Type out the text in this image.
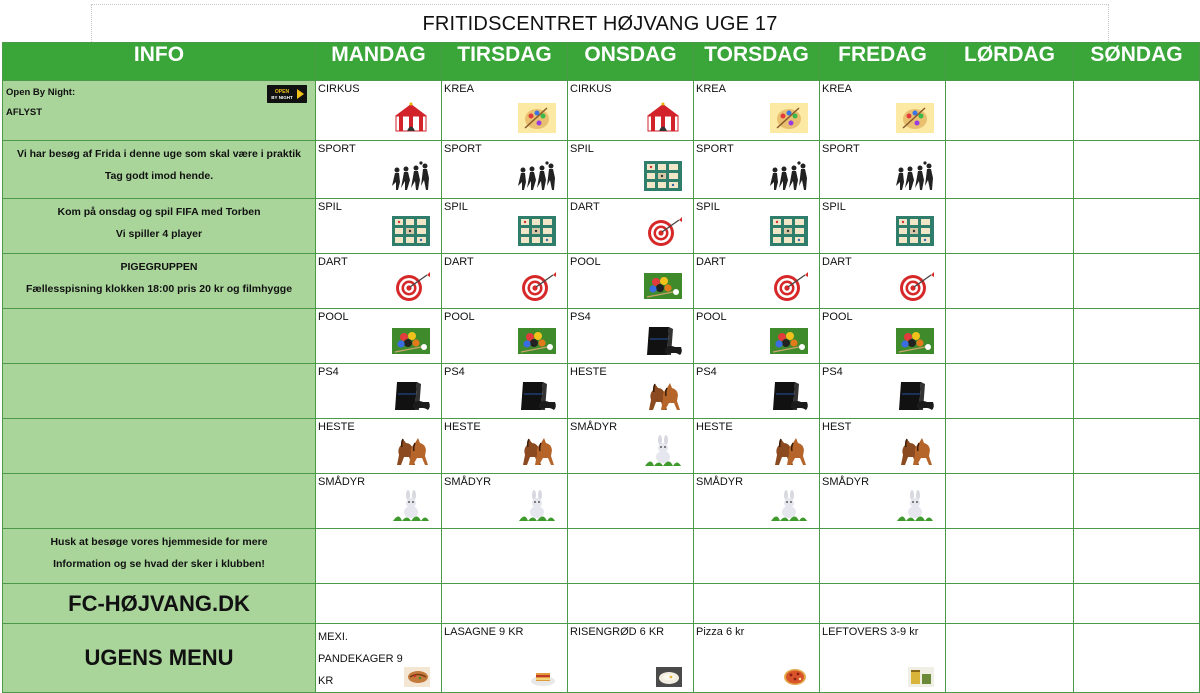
FRITIDSCENTRET HØJVANG UGE 17
INFO	MANDAG	TIRSDAG	ONSDAG	TORSDAG	FREDAG	LØRDAG	SØNDAG

Open By Night:
AFLYST
OPEN
BY NIGHT	CIRKUS	KREA	CIRKUS	KREA	KREA		

Vi har besøg af Frida i denne uge som skal være i praktik
Tag godt imod hende.	SPORT	SPORT	SPIL	SPORT	SPORT		

Kom på onsdag og spil FIFA med Torben
Vi spiller 4 player	SPIL	SPIL	DART	SPIL	SPIL		

PIGEGRUPPEN
Fællesspisning klokken 18:00 pris 20 kr og filmhygge	DART	DART	POOL	DART	DART		

	POOL	POOL	PS4	POOL	POOL		

	PS4	PS4	HESTE	PS4	PS4		

	HESTE	HESTE	SMÅDYR	HESTE	HEST		

	SMÅDYR	SMÅDYR		SMÅDYR	SMÅDYR		

Husk at besøge vores hjemmeside for mere
Information og se hvad der sker i klubben!							

FC-HØJVANG.DK							

UGENS MENU	MEXI. PANDEKAGER 9 KR	LASAGNE 9 KR	RISENGRØD 6 KR	Pizza 6 kr	LEFTOVERS 3-9 kr		
